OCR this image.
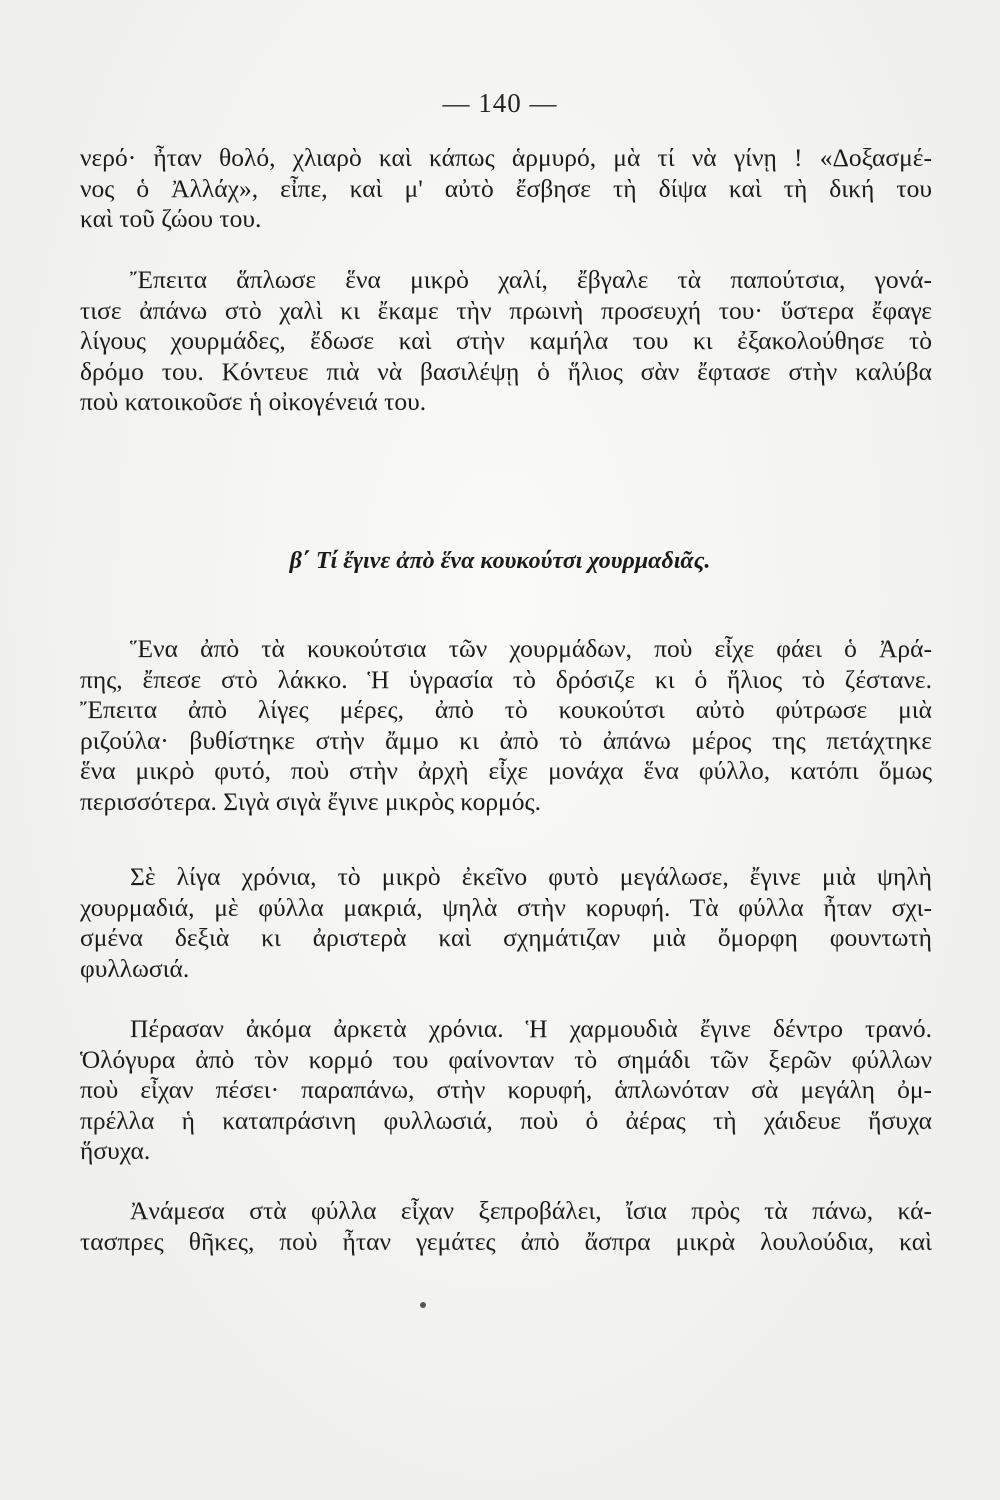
— 140 —
νερό· ἦταν θολό, χλιαρὸ καὶ κάπως ἁρμυρό, μὰ τί νὰ γίνῃ ! «Δοξασμέ-
νος ὁ Ἀλλάχ», εἶπε, καὶ μ' αὐτὸ ἔσβησε τὴ δίψα καὶ τὴ δική του
καὶ τοῦ ζώου του.
Ἔπειτα ἅπλωσε ἕνα μικρὸ χαλί, ἔβγαλε τὰ παπούτσια, γονά-
τισε ἀπάνω στὸ χαλὶ κι ἔκαμε τὴν πρωινὴ προσευχή του· ὕστερα ἔφαγε
λίγους χουρμάδες, ἔδωσε καὶ στὴν καμήλα του κι ἐξακολούθησε τὸ
δρόμο του. Κόντευε πιὰ νὰ βασιλέψῃ ὁ ἥλιος σὰν ἔφτασε στὴν καλύβα
ποὺ κατοικοῦσε ἡ οἰκογένειά του.
β΄ Τί ἔγινε ἀπὸ ἕνα κουκούτσι χουρμαδιᾶς.
Ἕνα ἀπὸ τὰ κουκούτσια τῶν χουρμάδων, ποὺ εἶχε φάει ὁ Ἀρά-
πης, ἔπεσε στὸ λάκκο. Ἡ ὑγρασία τὸ δρόσιζε κι ὁ ἥλιος τὸ ζέστανε.
Ἔπειτα ἀπὸ λίγες μέρες, ἀπὸ τὸ κουκούτσι αὐτὸ φύτρωσε μιὰ
ριζούλα· βυθίστηκε στὴν ἄμμο κι ἀπὸ τὸ ἀπάνω μέρος της πετάχτηκε
ἕνα μικρὸ φυτό, ποὺ στὴν ἀρχὴ εἶχε μονάχα ἕνα φύλλο, κατόπι ὅμως
περισσότερα. Σιγὰ σιγὰ ἔγινε μικρὸς κορμός.
Σὲ λίγα χρόνια, τὸ μικρὸ ἐκεῖνο φυτὸ μεγάλωσε, ἔγινε μιὰ ψηλὴ
χουρμαδιά, μὲ φύλλα μακριά, ψηλὰ στὴν κορυφή. Τὰ φύλλα ἦταν σχι-
σμένα δεξιὰ κι ἀριστερὰ καὶ σχημάτιζαν μιὰ ὄμορφη φουντωτὴ
φυλλωσιά.
Πέρασαν ἀκόμα ἀρκετὰ χρόνια. Ἡ χαρμουδιὰ ἔγινε δέντρο τρανό.
Ὁλόγυρα ἀπὸ τὸν κορμό του φαίνονταν τὸ σημάδι τῶν ξερῶν φύλλων
ποὺ εἶχαν πέσει· παραπάνω, στὴν κορυφή, ἁπλωνόταν σὰ μεγάλη ὀμ-
πρέλλα ἡ καταπράσινη φυλλωσιά, ποὺ ὁ ἀέρας τὴ χάιδευε ἥσυχα
ἥσυχα.
Ἀνάμεσα στὰ φύλλα εἶχαν ξεπροβάλει, ἴσια πρὸς τὰ πάνω, κά-
τασπρες θῆκες, ποὺ ἦταν γεμάτες ἀπὸ ἄσπρα μικρὰ λουλούδια, καὶ
